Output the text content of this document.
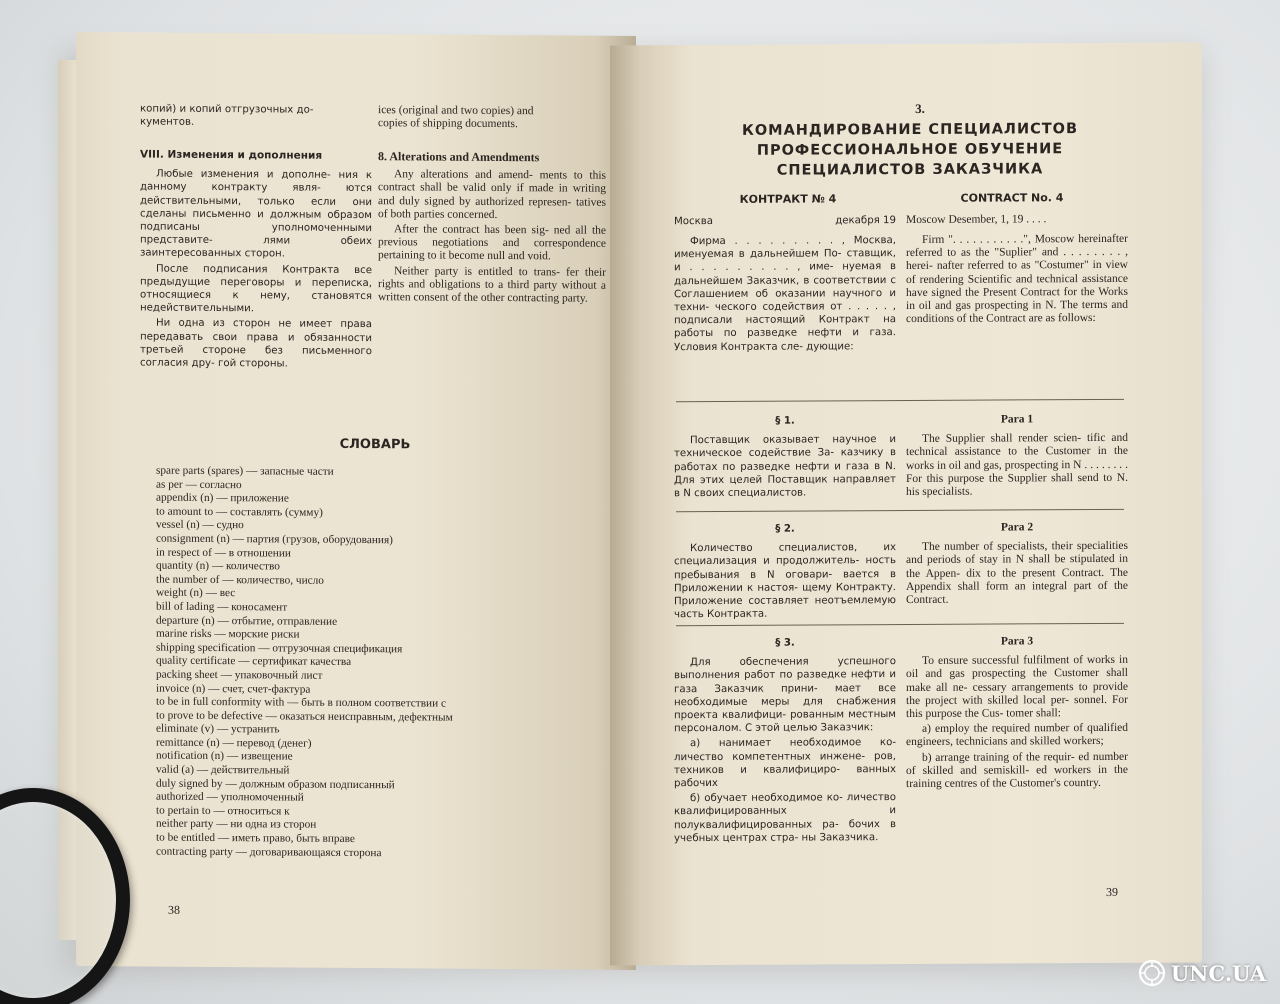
копий) и копий отгрузочных до-
кументов.
ices (original and two copies) and
copies of shipping documents.
VIII. Изменения и дополнения

Любые изменения и дополне- ния к данному контракту явля- ются действительными, только если они сделаны письменно и должным образом подписаны уполномоченными представите- лями обеих заинтересованных сторон.

После подписания Контракта все предыдущие переговоры и переписка, относящиеся к нему, становятся недействительными.

Ни одна из сторон не имеет права передавать свои права и обязанности третьей стороне без письменного согласия дру- гой стороны.

8. Alterations and Amendments

Any alterations and amend- ments to this contract shall be valid only if made in writing and duly signed by authorized represen- tatives of both parties concerned.

After the contract has been sig- ned all the previous negotiations and correspondence pertaining to it become null and void.

Neither party is entitled to trans- fer their rights and obligations to a third party without a written consent of the other contracting party.

СЛОВАРЬ
spare parts (spares) — запасные части
as per — согласно
appendix (n) — приложение
to amount to — составлять (сумму)
vessel (n) — судно
consignment (n) — партия (грузов, оборудования)
in respect of — в отношении
quantity (n) — количество
the number of — количество, число
weight (n) — вес
bill of lading — коносамент
departure (n) — отбытие, отправление
marine risks — морские риски
shipping specification — отгрузочная спецификация
quality certificate — сертификат качества
packing sheet — упаковочный лист
invoice (n) — счет, счет-фактура
to be in full conformity with — быть в полном соответствии с
to prove to be defective — оказаться неисправным, дефектным
eliminate (v) — устранить
remittance (n) — перевод (денег)
notification (n) — извещение
valid (a) — действительный
duly signed by — должным образом подписанный
authorized — уполномоченный
to pertain to — относиться к
neither party — ни одна из сторон
to be entitled — иметь право, быть вправе
contracting party — договаривающаяся сторона
38
3.
КОМАНДИРОВАНИЕ СПЕЦИАЛИСТОВ
ПРОФЕССИОНАЛЬНОЕ ОБУЧЕНИЕ
СПЕЦИАЛИСТОВ ЗАКАЗЧИКА
КОНТРАКТ № 4	CONTRACT No. 4
Москва	декабря 19 Moscow Desember, 1, 19 . . . .

Фирма . . . . . . . . . , Москва, именуемая в дальнейшем По- ставщик, и . . . . . . . . . , име- нуемая в дальнейшем Заказчик, в соответствии с Соглашением об оказании научного и техни- ческого содействия от . . . . . , подписали настоящий Контракт на работы по разведке нефти и газа. Условия Контракта сле- дующие:

Firm ". . . . . . . . . . .", Moscow hereinafter referred to as the "Suplier" and . . . . . . . . , herei- nafter referred to as "Costumer" in view of rendering Scientific and technical assistance have signed the Present Contract for the Works in oil and gas prospecting in N. The terms and conditions of the Contract are as follows:

§ 1.

Поставщик оказывает научное и техническое содействие За- казчику в работах по разведке нефти и газа в N. Для этих целей Поставщик направляет в N своих специалистов.

Para 1

The Supplier shall render scien- tific and technical assistance to the Customer in the works in oil and gas, prospecting in N . . . . . . . . For this purpose the Supplier shall send to N. his specialists.

§ 2.

Количество специалистов, их специализация и продолжитель- ность пребывания в N оговари- вается в Приложении к настоя- щему Контракту. Приложение составляет неотъемлемую часть Контракта.

Para 2

The number of specialists, their specialities and periods of stay in N shall be stipulated in the Appen- dix to the present Contract. The Appendix shall form an integral part of the Contract.

§ 3.

Для обеспечения успешного выполнения работ по разведке нефти и газа Заказчик прини- мает все необходимые меры для снабжения проекта квалифици- рованным местным персоналом. С этой целью Заказчик:

а) нанимает необходимое ко- личество компетентных инжене- ров, техников и квалифициро- ванных рабочих

б) обучает необходимое ко- личество квалифицированных и полуквалифицированных ра- бочих в учебных центрах стра- ны Заказчика.

Para 3

To ensure successful fulfilment of works in oil and gas prospecting the Customer shall make all ne- cessary arrangements to provide the project with skilled local per- sonnel. For this purpose the Cus- tomer shall:

a) employ the required number of qualified engineers, technicians and skilled workers;

b) arrange training of the requir- ed number of skilled and semiskill- ed workers in the training centres of the Customer's country.

39
UNC.UA
